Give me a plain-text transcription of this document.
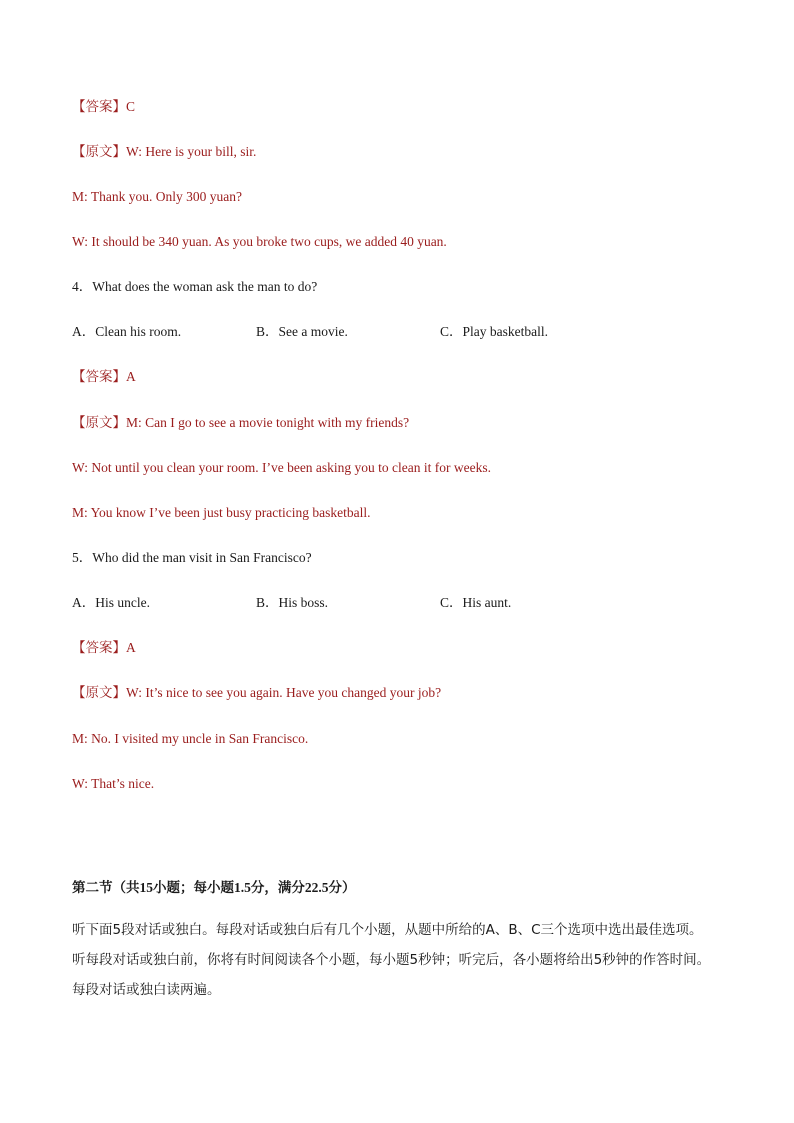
【答案】C
【原文】W: Here is your bill, sir.
M: Thank you. Only 300 yuan?
W: It should be 340 yuan. As you broke two cups, we added 40 yuan.
4．What does the woman ask the man to do?
A．Clean his room.	B．See a movie.	C．Play basketball.
【答案】A
【原文】M: Can I go to see a movie tonight with my friends?
W: Not until you clean your room. I’ve been asking you to clean it for weeks.
M: You know I’ve been just busy practicing basketball.
5．Who did the man visit in San Francisco?
A．His uncle.	B．His boss.	C．His aunt.
【答案】A
【原文】W: It’s nice to see you again. Have you changed your job?
M: No. I visited my uncle in San Francisco.
W: That’s nice.
第二节（共15小题；每小题1.5分，满分22.5分）
听下面5段对话或独白。每段对话或独白后有几个小题，从题中所给的A、B、C三个选项中选出最佳选项。
听每段对话或独白前，你将有时间阅读各个小题，每小题5秒钟；听完后，各小题将给出5秒钟的作答时间。
每段对话或独白读两遍。
